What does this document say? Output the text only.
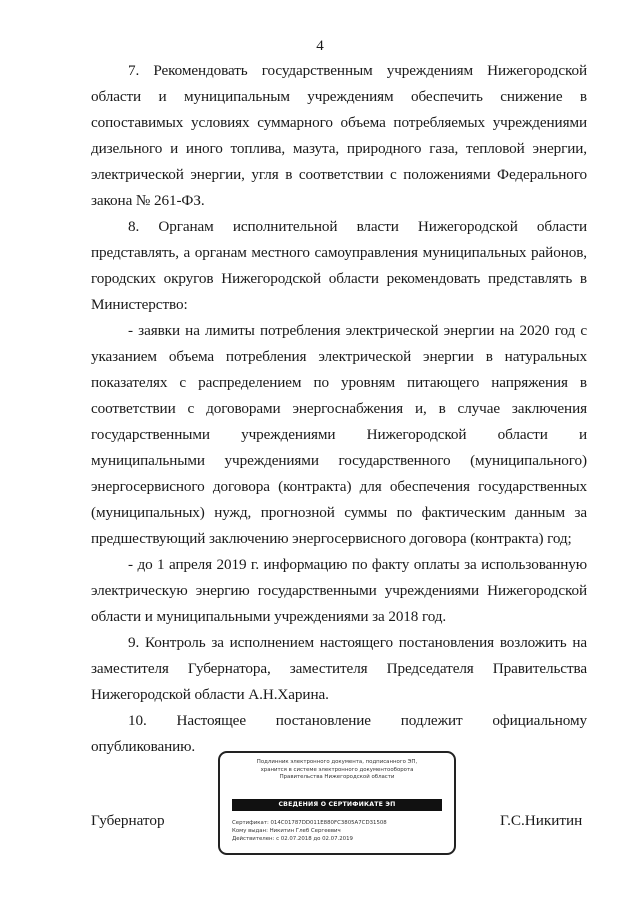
4

7. Рекомендовать государственным учреждениям Нижегородской области и муниципальным учреждениям обеспечить снижение в сопоставимых условиях суммарного объема потребляемых учреждениями дизельного и иного топлива, мазута, природного газа, тепловой энергии, электрической энергии, угля в соответствии с положениями Федерального закона № 261-ФЗ.

8. Органам исполнительной власти Нижегородской области представлять, а органам местного самоуправления муниципальных районов, городских округов Нижегородской области рекомендовать представлять в Министерство:

- заявки на лимиты потребления электрической энергии на 2020 год с указанием объема потребления электрической энергии в натуральных показателях с распределением по уровням питающего напряжения в соответствии с договорами энергоснабжения и, в случае заключения государственными учреждениями Нижегородской области и муниципальными учреждениями государственного (муниципального) энергосервисного договора (контракта) для обеспечения государственных (муниципальных) нужд, прогнозной суммы по фактическим данным за предшествующий заключению энергосервисного договора (контракта) год;

- до 1 апреля 2019 г. информацию по факту оплаты за использованную электрическую энергию государственными учреждениями Нижегородской области и муниципальными учреждениями за 2018 год.

9. Контроль за исполнением настоящего постановления возложить на заместителя Губернатора, заместителя Председателя Правительства Нижегородской области А.Н.Харина.

10. Настоящее постановление подлежит официальному опубликованию.

Губернатор	Г.С.Никитин
Подлинник электронного документа, подписанного ЭП,
хранится в системе электронного документооборота
Правительства Нижегородской области
СВЕДЕНИЯ О СЕРТИФИКАТЕ ЭП
Сертификат: 014C01787DD011E880FC3805A7CD31508
Кому выдан: Никитин Глеб Сергеевич
Действителен: с 02.07.2018 до 02.07.2019
